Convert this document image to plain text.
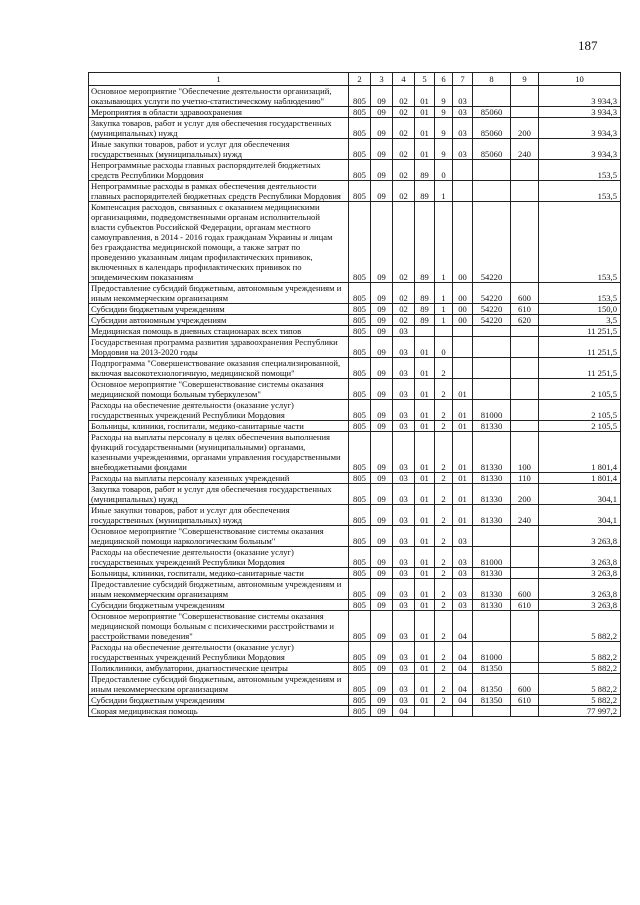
187
1	2	3	4	5	6	7	8	9	10
Основное мероприятие "Обеспечение деятельности организаций, оказывающих услуги по учетно-статистическому наблюдению"	805	09	02	01	9	03			3 934,3
Мероприятия в области здравоохранения	805	09	02	01	9	03	85060		3 934,3
Закупка товаров, работ и услуг для обеспечения государственных (муниципальных) нужд	805	09	02	01	9	03	85060	200	3 934,3
Иные закупки товаров, работ и услуг для обеспечения государственных (муниципальных) нужд	805	09	02	01	9	03	85060	240	3 934,3
Непрограммные расходы главных распорядителей бюджетных средств Республики Мордовия	805	09	02	89	0				153,5
Непрограммные расходы в рамках обеспечения деятельности главных распорядителей бюджетных средств Республики Мордовия	805	09	02	89	1				153,5
Компенсация расходов, связанных с оказанием медицинскими организациями, подведомственными органам исполнительной власти субъектов Российской Федерации, органам местного самоуправления, в 2014 - 2016 годах гражданам Украины и лицам без гражданства медицинской помощи, а также затрат по проведению указанным лицам профилактических прививок, включенных в календарь профилактических прививок по эпидемическим показаниям	805	09	02	89	1	00	54220		153,5
Предоставление субсидий бюджетным, автономным учреждениям и иным некоммерческим организациям	805	09	02	89	1	00	54220	600	153,5
Субсидии бюджетным учреждениям	805	09	02	89	1	00	54220	610	150,0
Субсидии автономным учреждениям	805	09	02	89	1	00	54220	620	3,5
Медицинская помощь в дневных стационарах всех типов	805	09	03						11 251,5
Государственная программа развития здравоохранения Республики Мордовия на 2013-2020 годы	805	09	03	01	0				11 251,5
Подпрограмма "Совершенствование оказания специализированной, включая высокотехнологичную, медицинской помощи"	805	09	03	01	2				11 251,5
Основное мероприятие "Совершенствование системы оказания медицинской помощи больным туберкулезом"	805	09	03	01	2	01			2 105,5
Расходы на обеспечение деятельности (оказание услуг) государственных учреждений Республики Мордовия	805	09	03	01	2	01	81000		2 105,5
Больницы, клиники, госпитали, медико-санитарные части	805	09	03	01	2	01	81330		2 105,5
Расходы на выплаты персоналу в целях обеспечения выполнения функций государственными (муниципальными) органами, казенными учреждениями, органами управления государственными внебюджетными фондами	805	09	03	01	2	01	81330	100	1 801,4
Расходы на выплаты персоналу казенных учреждений	805	09	03	01	2	01	81330	110	1 801,4
Закупка товаров, работ и услуг для обеспечения государственных (муниципальных) нужд	805	09	03	01	2	01	81330	200	304,1
Иные закупки товаров, работ и услуг для обеспечения государственных (муниципальных) нужд	805	09	03	01	2	01	81330	240	304,1
Основное мероприятие "Совершенствование системы оказания медицинской помощи наркологическим больным"	805	09	03	01	2	03			3 263,8
Расходы на обеспечение деятельности (оказание услуг) государственных учреждений Республики Мордовия	805	09	03	01	2	03	81000		3 263,8
Больницы, клиники, госпитали, медико-санитарные части	805	09	03	01	2	03	81330		3 263,8
Предоставление субсидий бюджетным, автономным учреждениям и иным некоммерческим организациям	805	09	03	01	2	03	81330	600	3 263,8
Субсидии бюджетным учреждениям	805	09	03	01	2	03	81330	610	3 263,8
Основное мероприятие "Совершенствование системы оказания медицинской помощи больным с психическими расстройствами и расстройствами поведения"	805	09	03	01	2	04			5 882,2
Расходы на обеспечение деятельности (оказание услуг) государственных учреждений Республики Мордовия	805	09	03	01	2	04	81000		5 882,2
Поликлиники, амбулатории, диагностические центры	805	09	03	01	2	04	81350		5 882,2
Предоставление субсидий бюджетным, автономным учреждениям и иным некоммерческим организациям	805	09	03	01	2	04	81350	600	5 882,2
Субсидии бюджетным учреждениям	805	09	03	01	2	04	81350	610	5 882,2
Скорая медицинская помощь	805	09	04						77 997,2
